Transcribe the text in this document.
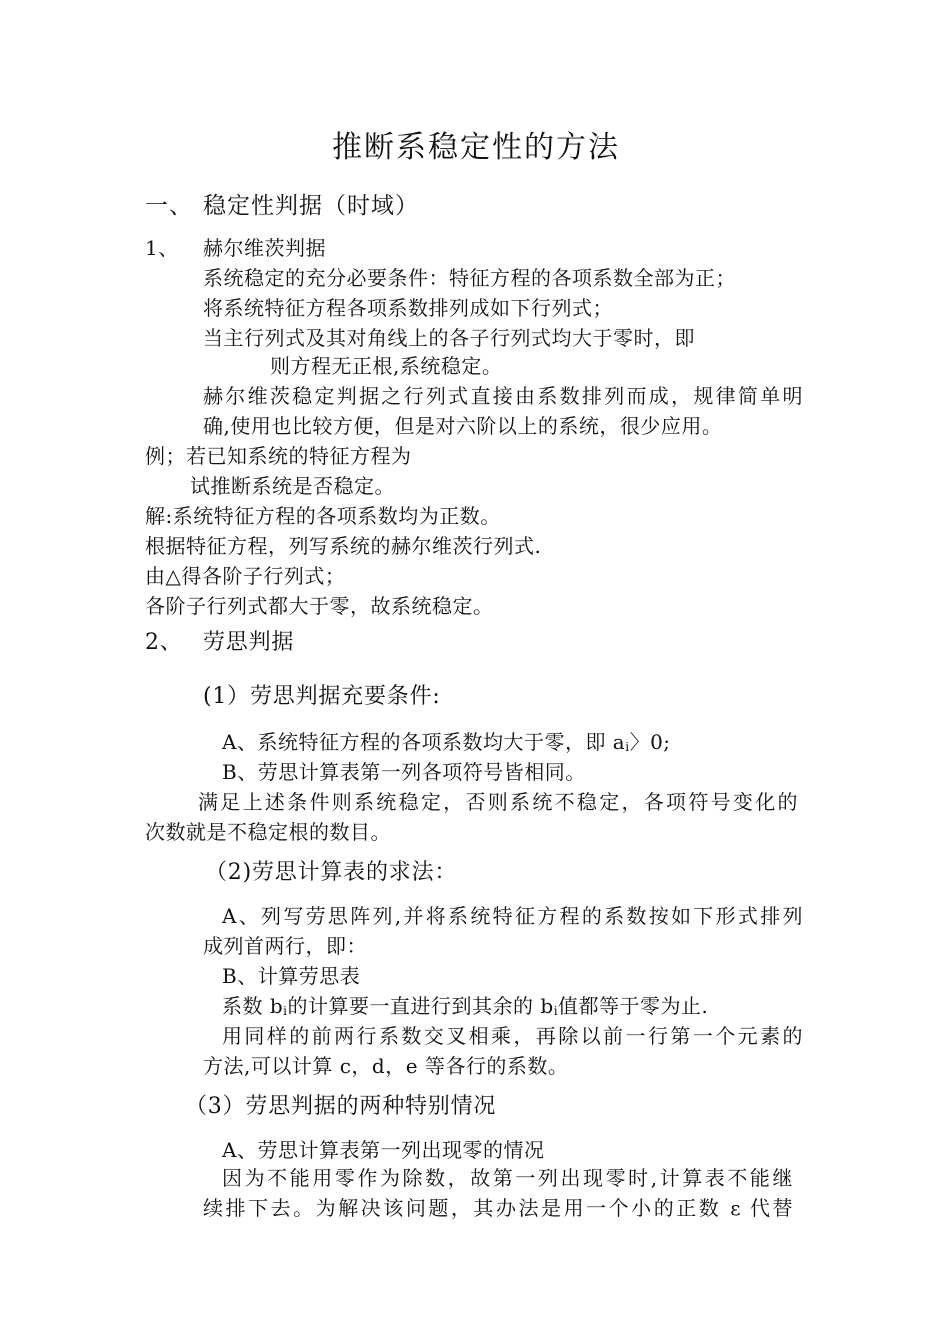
推断系稳定性的方法
一、 稳定性判据（时域）
1、 赫尔维茨判据
系统稳定的充分必要条件：特征方程的各项系数全部为正；
将系统特征方程各项系数排列成如下行列式；
当主行列式及其对角线上的各子行列式均大于零时，即
则方程无正根,系统稳定。
赫尔维茨稳定判据之行列式直接由系数排列而成，规律简单明
确,使用也比较方便，但是对六阶以上的系统，很少应用。
例；若已知系统的特征方程为
试推断系统是否稳定。
解:系统特征方程的各项系数均为正数。
根据特征方程，列写系统的赫尔维茨行列式.
由△得各阶子行列式；
各阶子行列式都大于零，故系统稳定。
2、 劳思判据
(1）劳思判据充要条件:
A、系统特征方程的各项系数均大于零，即 $a_i$〉0;
B、劳思计算表第一列各项符号皆相同。
满足上述条件则系统稳定，否则系统不稳定，各项符号变化的
次数就是不稳定根的数目。
（2)劳思计算表的求法：
A、列写劳思阵列,并将系统特征方程的系数按如下形式排列
成列首两行，即：
B、计算劳思表
系数 $b_i$的计算要一直进行到其余的 $b_i$值都等于零为止.
用同样的前两行系数交叉相乘，再除以前一行第一个元素的
方法,可以计算 c，d，e 等各行的系数。
（3）劳思判据的两种特别情况
A、劳思计算表第一列出现零的情况
因为不能用零作为除数，故第一列出现零时,计算表不能继
续排下去。为解决该问题，其办法是用一个小的正数 ε 代替
